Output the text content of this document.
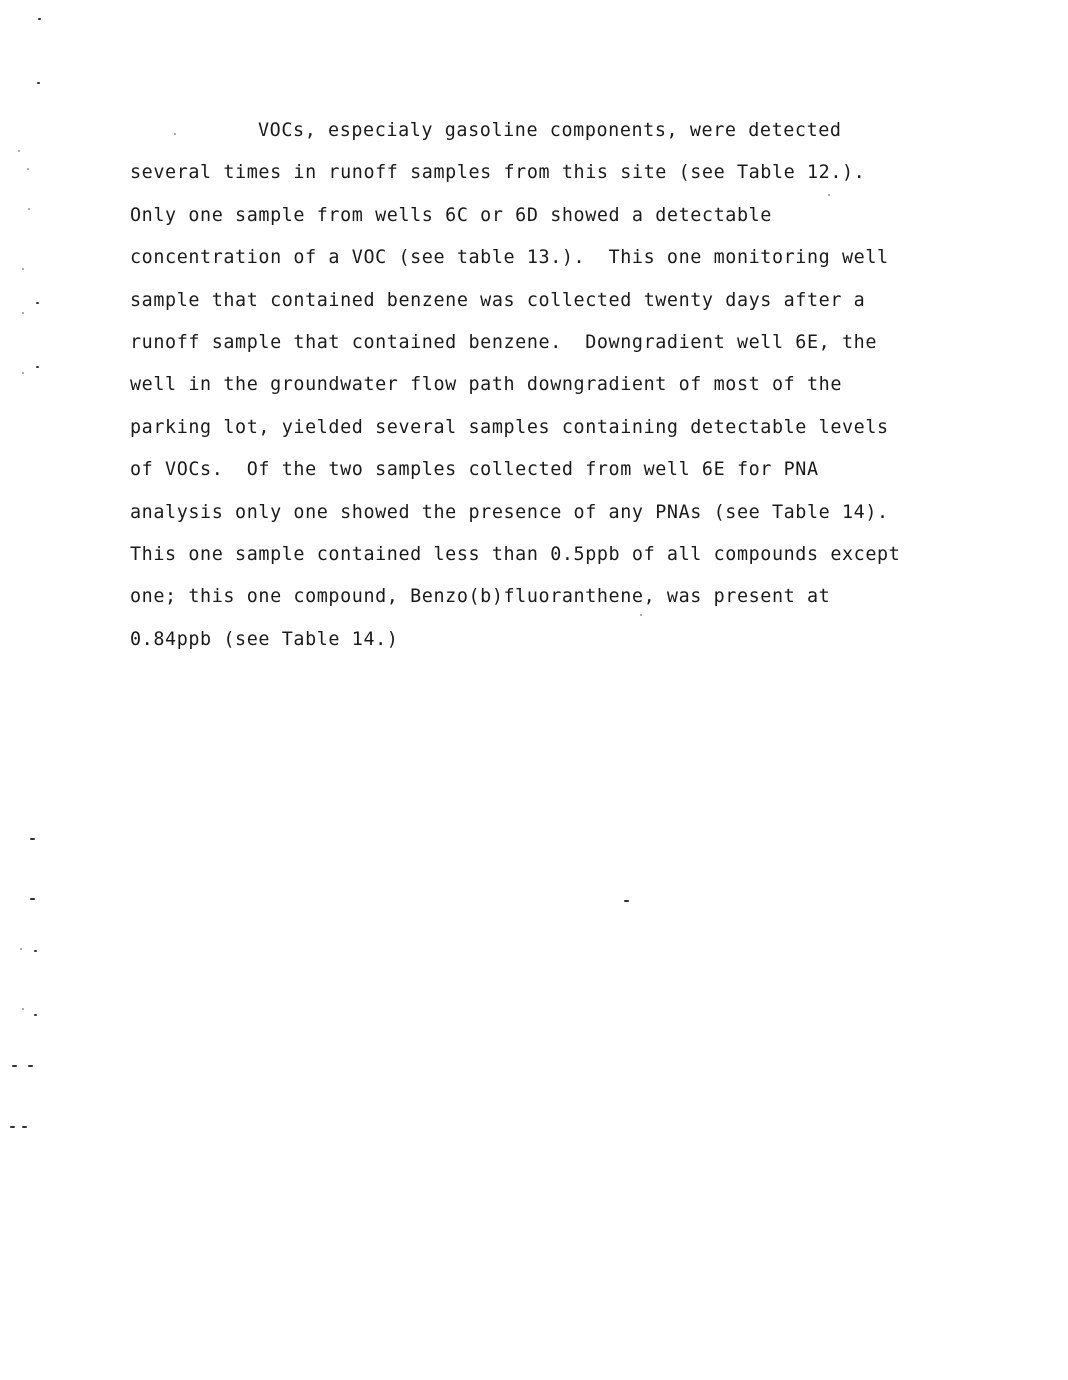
VOCs, especialy gasoline components, were detected
several times in runoff samples from this site (see Table 12.).
Only one sample from wells 6C or 6D showed a detectable
concentration of a VOC (see table 13.).  This one monitoring well
sample that contained benzene was collected twenty days after a
runoff sample that contained benzene.  Downgradient well 6E, the
well in the groundwater flow path downgradient of most of the
parking lot, yielded several samples containing detectable levels
of VOCs.  Of the two samples collected from well 6E for PNA
analysis only one showed the presence of any PNAs (see Table 14).
This one sample contained less than 0.5ppb of all compounds except
one; this one compound, Benzo(b)fluoranthene, was present at
0.84ppb (see Table 14.)
